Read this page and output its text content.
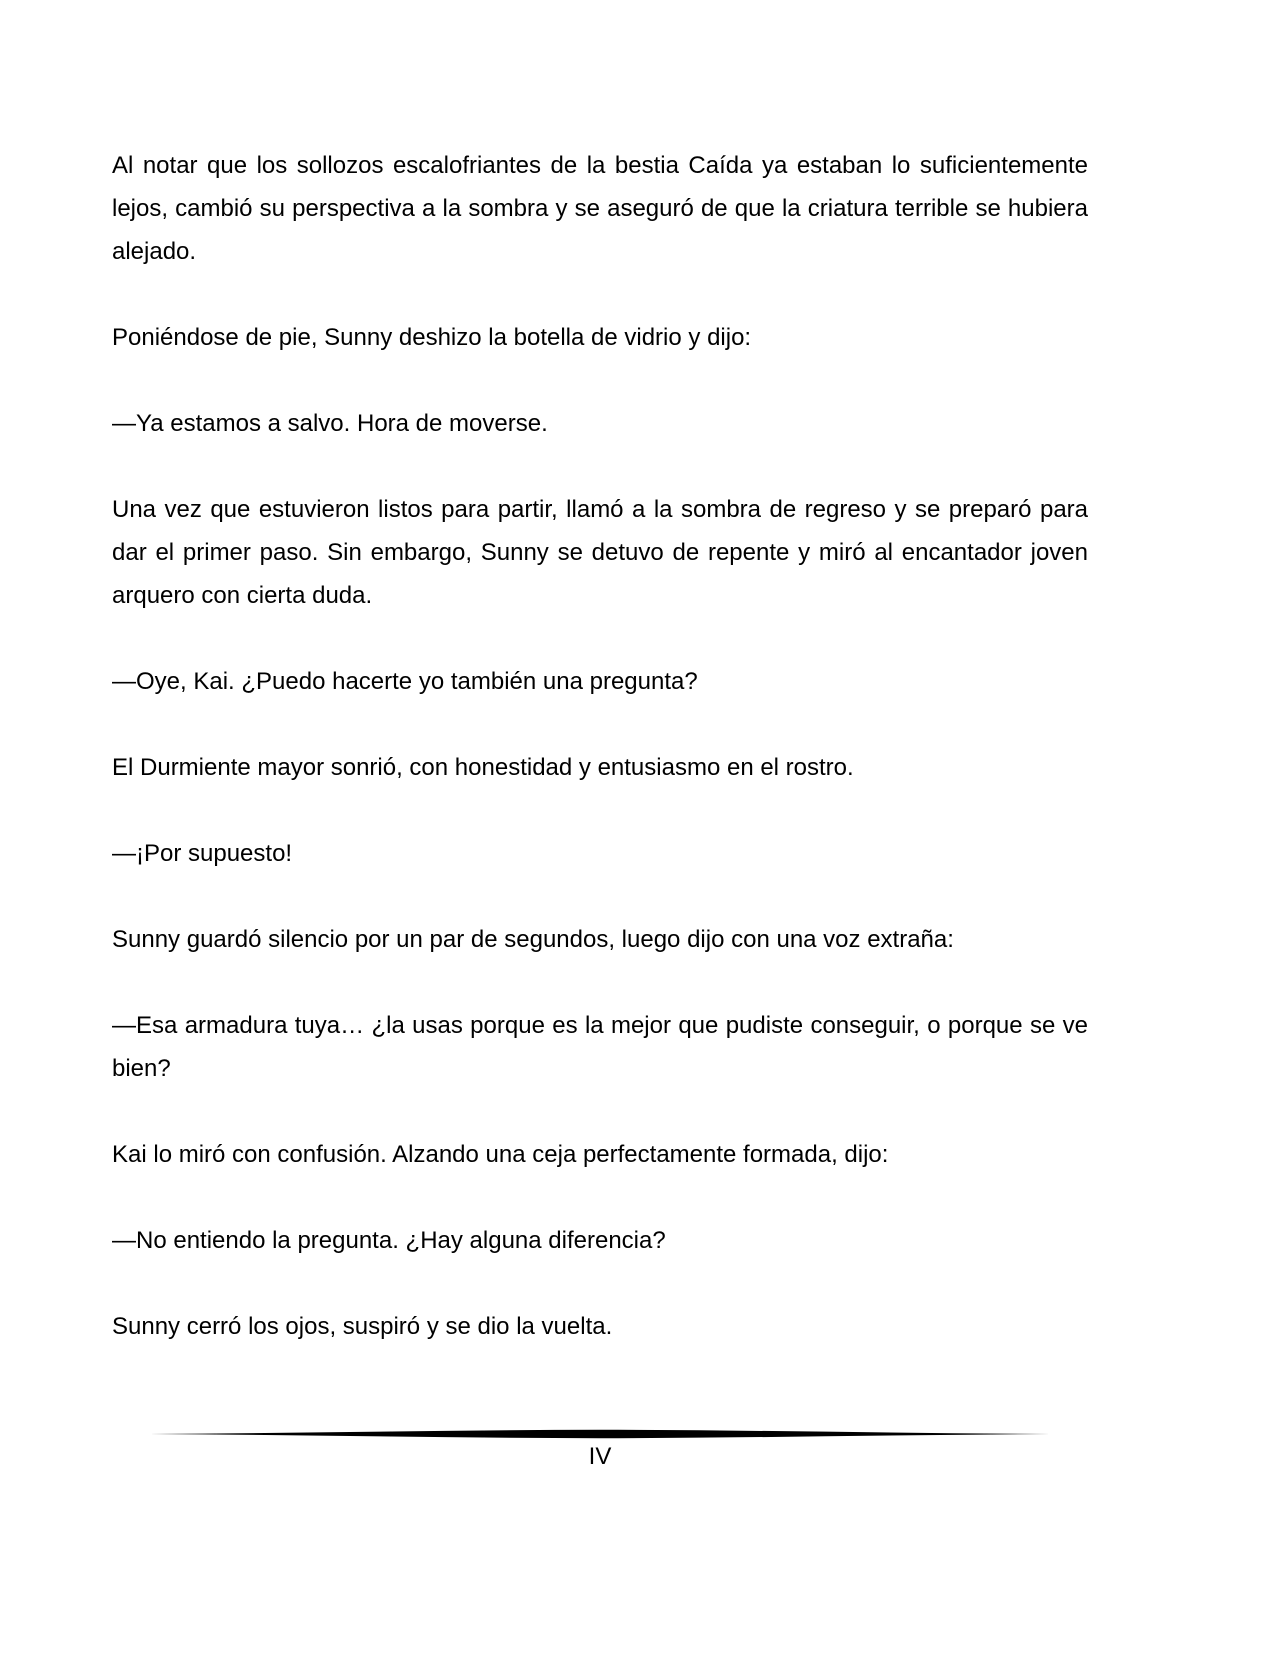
Al notar que los sollozos escalofriantes de la bestia Caída ya estaban lo suficientemente lejos, cambió su perspectiva a la sombra y se aseguró de que la criatura terrible se hubiera alejado.

Poniéndose de pie, Sunny deshizo la botella de vidrio y dijo:

—Ya estamos a salvo. Hora de moverse.

Una vez que estuvieron listos para partir, llamó a la sombra de regreso y se preparó para dar el primer paso. Sin embargo, Sunny se detuvo de repente y miró al encantador joven arquero con cierta duda.

—Oye, Kai. ¿Puedo hacerte yo también una pregunta?

El Durmiente mayor sonrió, con honestidad y entusiasmo en el rostro.

—¡Por supuesto!

Sunny guardó silencio por un par de segundos, luego dijo con una voz extraña:

—Esa armadura tuya… ¿la usas porque es la mejor que pudiste conseguir, o porque se ve bien?

Kai lo miró con confusión. Alzando una ceja perfectamente formada, dijo:

—No entiendo la pregunta. ¿Hay alguna diferencia?

Sunny cerró los ojos, suspiró y se dio la vuelta.

IV
